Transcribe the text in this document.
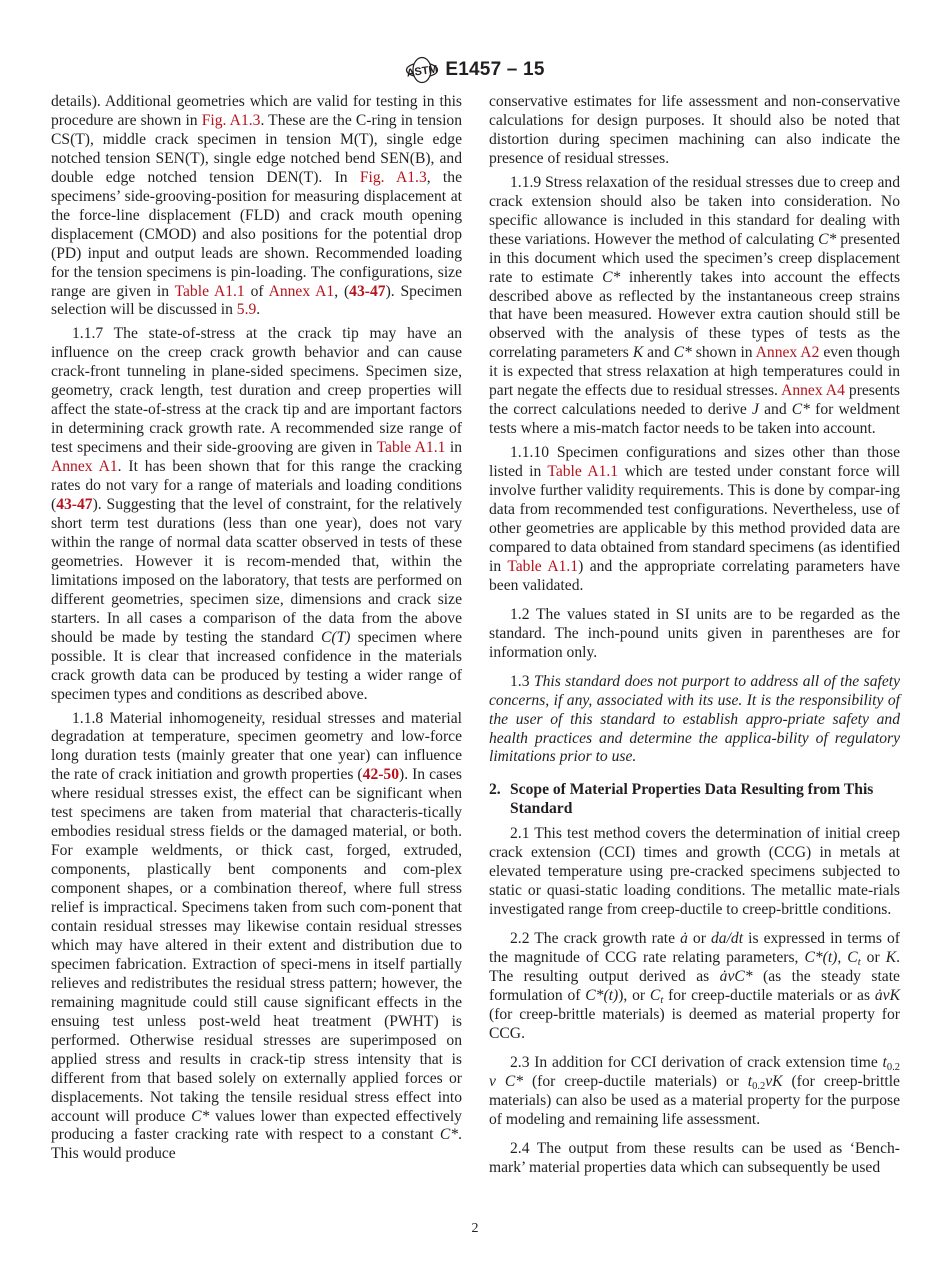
ASTM E1457 – 15

details). Additional geometries which are valid for testing in this procedure are shown in Fig. A1.3. These are the C-ring in tension CS(T), middle crack specimen in tension M(T), single edge notched tension SEN(T), single edge notched bend SEN(B), and double edge notched tension DEN(T). In Fig. A1.3, the specimens’ side-grooving-position for measuring displacement at the force-line displacement (FLD) and crack mouth opening displacement (CMOD) and also positions for the potential drop (PD) input and output leads are shown. Recommended loading for the tension specimens is pin-loading. The configurations, size range are given in Table A1.1 of Annex A1, (43-47). Specimen selection will be discussed in 5.9.

1.1.7 The state-of-stress at the crack tip may have an influence on the creep crack growth behavior and can cause crack-front tunneling in plane-sided specimens. Specimen size, geometry, crack length, test duration and creep properties will affect the state-of-stress at the crack tip and are important factors in determining crack growth rate. A recommended size range of test specimens and their side-grooving are given in Table A1.1 in Annex A1. It has been shown that for this range the cracking rates do not vary for a range of materials and loading conditions (43-47). Suggesting that the level of constraint, for the relatively short term test durations (less than one year), does not vary within the range of normal data scatter observed in tests of these geometries. However it is recom-mended that, within the limitations imposed on the laboratory, that tests are performed on different geometries, specimen size, dimensions and crack size starters. In all cases a comparison of the data from the above should be made by testing the standard C(T) specimen where possible. It is clear that increased confidence in the materials crack growth data can be produced by testing a wider range of specimen types and conditions as described above.

1.1.8 Material inhomogeneity, residual stresses and material degradation at temperature, specimen geometry and low-force long duration tests (mainly greater that one year) can influence the rate of crack initiation and growth properties (42-50). In cases where residual stresses exist, the effect can be significant when test specimens are taken from material that characteris-tically embodies residual stress fields or the damaged material, or both. For example weldments, or thick cast, forged, extruded, components, plastically bent components and com-plex component shapes, or a combination thereof, where full stress relief is impractical. Specimens taken from such com-ponent that contain residual stresses may likewise contain residual stresses which may have altered in their extent and distribution due to specimen fabrication. Extraction of speci-mens in itself partially relieves and redistributes the residual stress pattern; however, the remaining magnitude could still cause significant effects in the ensuing test unless post-weld heat treatment (PWHT) is performed. Otherwise residual stresses are superimposed on applied stress and results in crack-tip stress intensity that is different from that based solely on externally applied forces or displacements. Not taking the tensile residual stress effect into account will produce C* values lower than expected effectively producing a faster cracking rate with respect to a constant C*. This would produce

conservative estimates for life assessment and non-conservative calculations for design purposes. It should also be noted that distortion during specimen machining can also indicate the presence of residual stresses.

1.1.9 Stress relaxation of the residual stresses due to creep and crack extension should also be taken into consideration. No specific allowance is included in this standard for dealing with these variations. However the method of calculating C* presented in this document which used the specimen’s creep displacement rate to estimate C* inherently takes into account the effects described above as reflected by the instantaneous creep strains that have been measured. However extra caution should still be observed with the analysis of these types of tests as the correlating parameters K and C* shown in Annex A2 even though it is expected that stress relaxation at high temperatures could in part negate the effects due to residual stresses. Annex A4 presents the correct calculations needed to derive J and C* for weldment tests where a mis-match factor needs to be taken into account.

1.1.10 Specimen configurations and sizes other than those listed in Table A1.1 which are tested under constant force will involve further validity requirements. This is done by compar-ing data from recommended test configurations. Nevertheless, use of other geometries are applicable by this method provided data are compared to data obtained from standard specimens (as identified in Table A1.1) and the appropriate correlating parameters have been validated.

1.2 The values stated in SI units are to be regarded as the standard. The inch-pound units given in parentheses are for information only.

1.3 This standard does not purport to address all of the safety concerns, if any, associated with its use. It is the responsibility of the user of this standard to establish appro-priate safety and health practices and determine the applica-bility of regulatory limitations prior to use.

2. Scope of Material Properties Data Resulting from This Standard

2.1 This test method covers the determination of initial creep crack extension (CCI) times and growth (CCG) in metals at elevated temperature using pre-cracked specimens subjected to static or quasi-static loading conditions. The metallic mate-rials investigated range from creep-ductile to creep-brittle conditions.

2.2 The crack growth rate ȧ or da/dt is expressed in terms of the magnitude of CCG rate relating parameters, C*(t), $C_t$ or K. The resulting output derived as ȧvC* (as the steady state formulation of C*(t)), or $C_t$ for creep-ductile materials or as ȧvK (for creep-brittle materials) is deemed as material property for CCG.

2.3 In addition for CCI derivation of crack extension time $t_{0.2}$ v C* (for creep-ductile materials) or $t_{0.2}vK$ (for creep-brittle materials) can also be used as a material property for the purpose of modeling and remaining life assessment.

2.4 The output from these results can be used as ‘Bench-mark’ material properties data which can subsequently be used

2
